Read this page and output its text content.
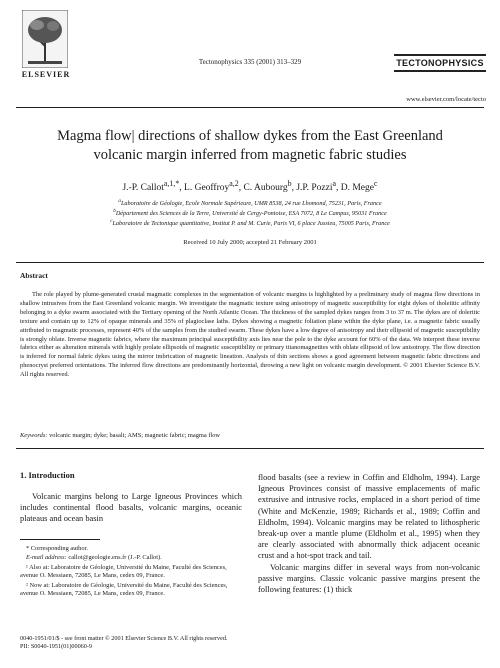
ELSEVIER
Tectonophysics 335 (2001) 313–329	TECTONOPHYSICS
www.elsevier.com/locate/tecto
Magma flow| directions of shallow dykes from the East Greenland
volcanic margin inferred from magnetic fabric studies
J.-P. Callot$^{a,1,*}$, L. Geoffroy$^{a,2}$, C. Aubourg$^b$, J.P. Pozzi$^a$, D. Mege$^c$
$^a$Laboratoire de Géologie, Ecole Normale Supérieure, UMR 8538, 24 rue Lhomond, 75231, Paris, France
$^b$Département des Sciences de la Terre, Université de Cergy-Pontoise, ESA 7072, 8 Le Campus, 95031 France
$^c$Laboratoire de Tectonique quantitative, Institut P. and M. Curie, Paris VI, 6 place Jussieu, 75005 Paris, France
Received 10 July 2000; accepted 21 February 2001
Abstract
The role played by plume-generated crustal magmatic complexes in the segmentation of volcanic margins is highlighted by a preliminary study of magma flow directions in shallow intrusives from the East Greenland volcanic margin. We investigate the magmatic texture using anisotropy of magnetic susceptibility for eight dykes of tholeiitic affinity belonging to a dyke swarm associated with the Tertiary opening of the North Atlantic Ocean. The thickness of the sampled dykes ranges from 3 to 37 m. The dykes are of doleritic texture and contain up to 12% of opaque minerals and 35% of plagioclase laths. Dykes showing a magnetic foliation plane within the dyke plane, i.e. a magnetic fabric usually attributed to magmatic processes, represent 40% of the samples from the studied swarm. These dykes have a low degree of anisotropy and their ellipsoid of magnetic susceptibility is strongly oblate. Inverse magnetic fabrics, where the maximum principal susceptibility axis lies near the pole to the dyke account for 60% of the data. We interpret these inverse fabrics either as alteration minerals with highly prolate ellipsoids of magnetic susceptibility or primary titanomagnetites with oblate ellipsoid of low anisotropy. The flow direction is inferred for normal fabric dykes using the mirror imbrication of magnetic lineation. Analysis of thin sections shows a good agreement between magnetic fabric directions and phenocryst preferred orientations. The inferred flow directions are predominantly horizontal, throwing a new light on volcanic margin development. © 2001 Elsevier Science B.V. All rights reserved.
Keywords: volcanic margin; dyke; basalt; AMS; magnetic fabric; magma flow
1. Introduction
Volcanic margins belong to Large Igneous Provinces which includes continental flood basalts, volcanic margins, oceanic plateaus and ocean basin

* Corresponding author.

E-mail address: callot@geologie.ens.fr (J.-P. Callot).

¹ Also at: Laboratoire de Géologie, Université du Maine, Faculté des Sciences, avenue O. Messiaen, 72085, Le Mans, cedex 09, France.

² Now at: Laboratoire de Géologie, Université du Maine, Faculté des Sciences, avenue O. Messiaen, 72085, Le Mans, cedex 09, France.

0040-1951/01/$ - see front matter © 2001 Elsevier Science B.V. All rights reserved.
PII: S0040-1951(01)00060-9

flood basalts (see a review in Coffin and Eldholm, 1994). Large Igneous Provinces consist of massive emplacements of mafic extrusive and intrusive rocks, emplaced in a short period of time (White and McKenzie, 1989; Richards et al., 1989; Coffin and Eldholm, 1994). Volcanic margins may be related to lithospheric break-up over a mantle plume (Eldholm et al., 1995) when they are clearly associated with abnormally thick adjacent oceanic crust and a hot-spot track and tail.

Volcanic margins differ in several ways from non-volcanic passive margins. Classic volcanic passive margins present the following features: (1) thick
